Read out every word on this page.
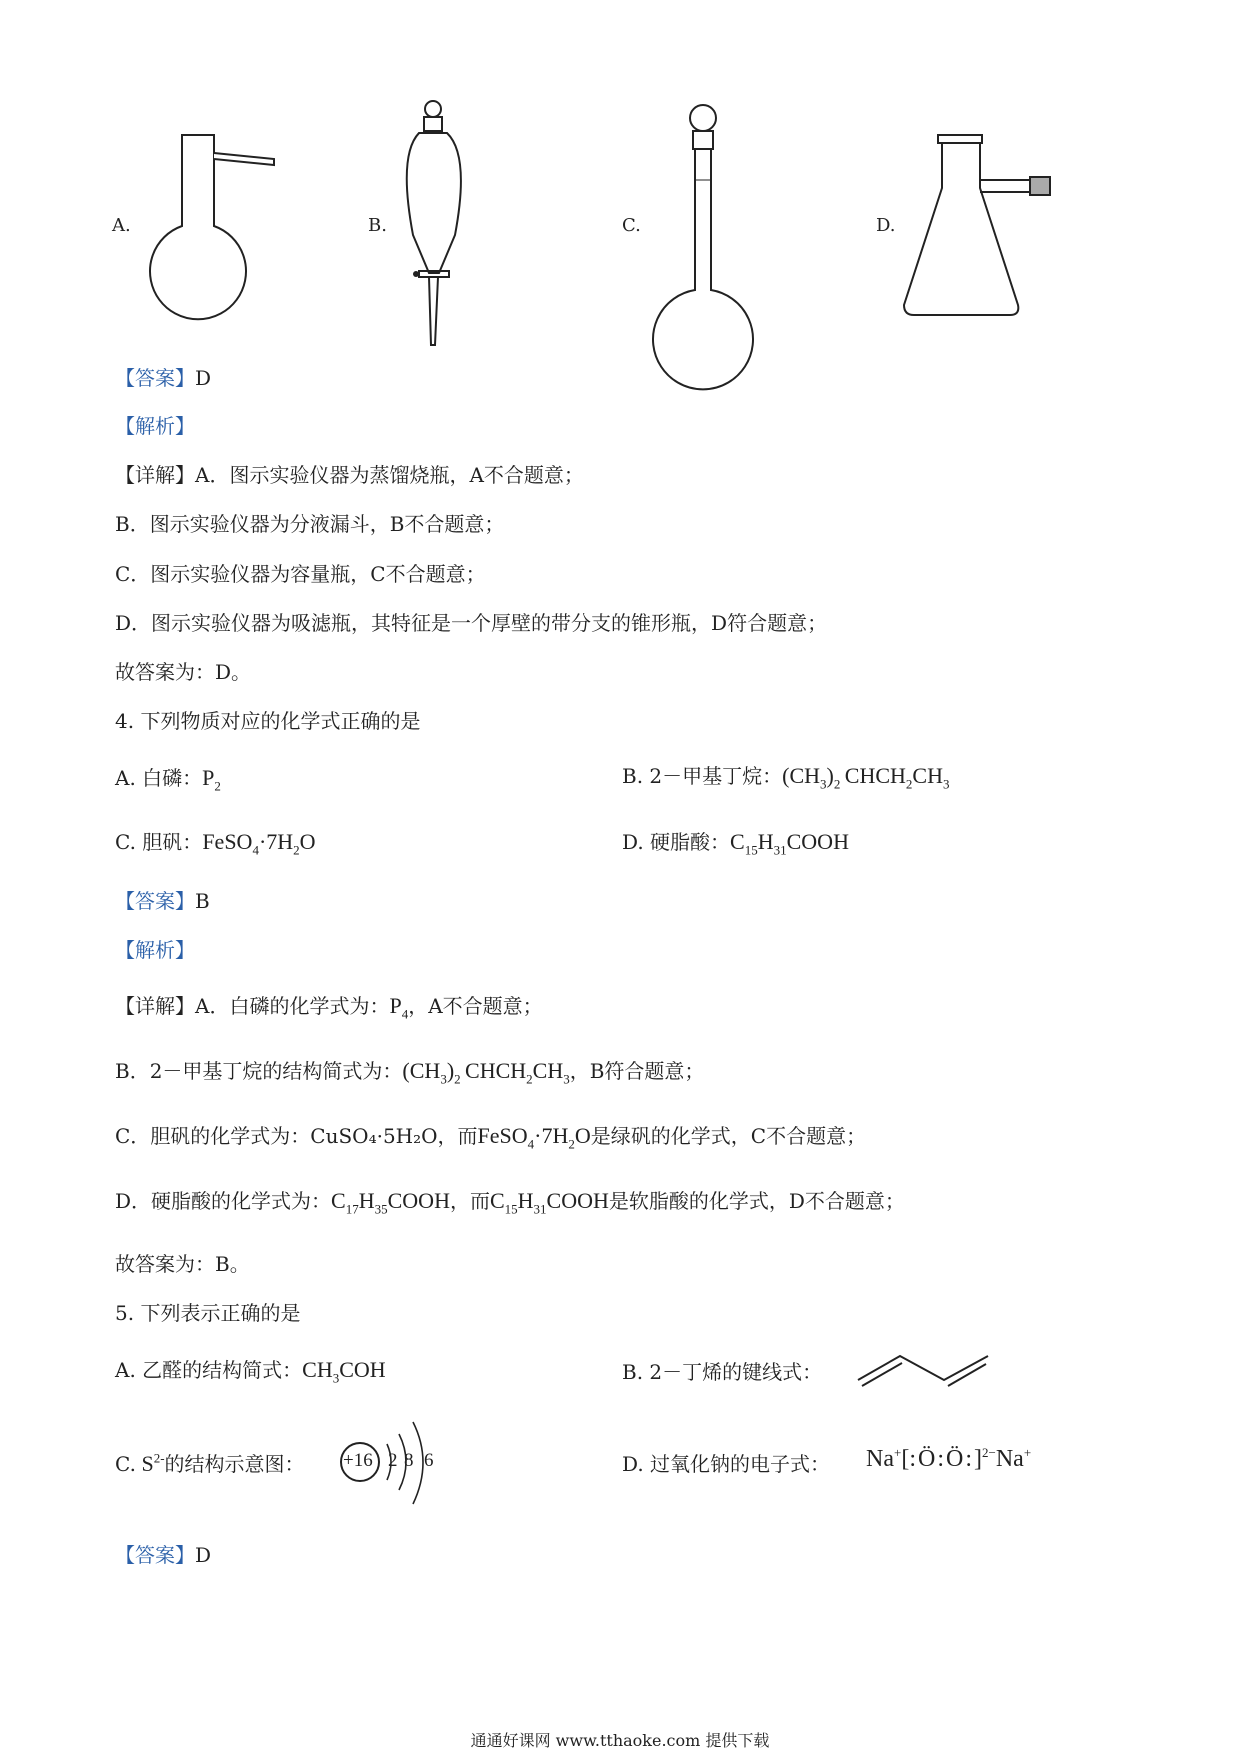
A.	B.	C.	D.
【答案】D
【解析】
【详解】A．图示实验仪器为蒸馏烧瓶，A不合题意；
B．图示实验仪器为分液漏斗，B不合题意；
C．图示实验仪器为容量瓶，C不合题意；
D．图示实验仪器为吸滤瓶，其特征是一个厚壁的带分支的锥形瓶，D符合题意；
故答案为：D。
4. 下列物质对应的化学式正确的是
A. 白磷：$P_2$	B. 2－甲基丁烷：$(CH_3)_2$ $CHCH_2CH_3$
C. 胆矾：$FeSO_4\cdot 7H_2O$	D. 硬脂酸：$C_{15}H_{31}COOH$
【答案】B
【解析】
【详解】A．白磷的化学式为：$P_4$，A不合题意；
B．2－甲基丁烷的结构简式为：$(CH_3)_2$ $CHCH_2CH_3$，B符合题意；
C．胆矾的化学式为：CuSO₄·5H₂O，而$FeSO_4\cdot 7H_2O$是绿矾的化学式，C不合题意；
D．硬脂酸的化学式为：$C_{17}H_{35}COOH$，而$C_{15}H_{31}COOH$是软脂酸的化学式，D不合题意；
故答案为：B。
5. 下列表示正确的是
A. 乙醛的结构简式：$CH_3COH$	B. 2－丁烯的键线式：
C. $S^{2-}$的结构示意图： +16 2 8 6	D. 过氧化钠的电子式： Na+[:Ö:Ö:]$^{2-}$Na+
【答案】D
通通好课网 www.tthaoke.com 提供下载
